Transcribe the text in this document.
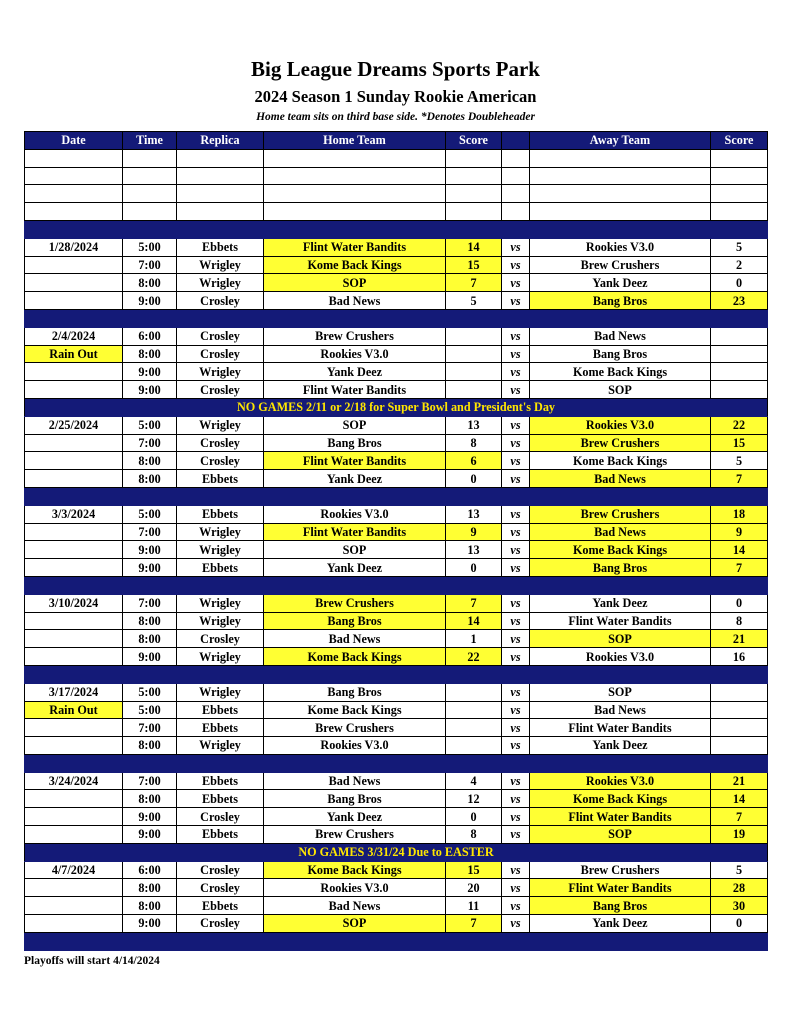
Big League Dreams Sports Park
2024 Season 1 Sunday Rookie American
Home team sits on third base side. *Denotes Doubleheader
Date	Time	Replica	Home Team	Score		Away Team	Score

1/28/2024	5:00	Ebbets	Flint Water Bandits	14	vs	Rookies V3.0	5
	7:00	Wrigley	Kome Back Kings	15	vs	Brew Crushers	2
	8:00	Wrigley	SOP	7	vs	Yank Deez	0
	9:00	Crosley	Bad News	5	vs	Bang Bros	23

2/4/2024	6:00	Crosley	Brew Crushers		vs	Bad News	
Rain Out	8:00	Crosley	Rookies V3.0		vs	Bang Bros	
	9:00	Wrigley	Yank Deez		vs	Kome Back Kings	
	9:00	Crosley	Flint Water Bandits		vs	SOP	
NO GAMES 2/11 or 2/18 for Super Bowl and President's Day							
2/25/2024	5:00	Wrigley	SOP	13	vs	Rookies V3.0	22
	7:00	Crosley	Bang Bros	8	vs	Brew Crushers	15
	8:00	Crosley	Flint Water Bandits	6	vs	Kome Back Kings	5
	8:00	Ebbets	Yank Deez	0	vs	Bad News	7

3/3/2024	5:00	Ebbets	Rookies V3.0	13	vs	Brew Crushers	18
	7:00	Wrigley	Flint Water Bandits	9	vs	Bad News	9
	9:00	Wrigley	SOP	13	vs	Kome Back Kings	14
	9:00	Ebbets	Yank Deez	0	vs	Bang Bros	7

3/10/2024	7:00	Wrigley	Brew Crushers	7	vs	Yank Deez	0
	8:00	Wrigley	Bang Bros	14	vs	Flint Water Bandits	8
	8:00	Crosley	Bad News	1	vs	SOP	21
	9:00	Wrigley	Kome Back Kings	22	vs	Rookies V3.0	16

3/17/2024	5:00	Wrigley	Bang Bros		vs	SOP	
Rain Out	5:00	Ebbets	Kome Back Kings		vs	Bad News	
	7:00	Ebbets	Brew Crushers		vs	Flint Water Bandits	
	8:00	Wrigley	Rookies V3.0		vs	Yank Deez	

3/24/2024	7:00	Ebbets	Bad News	4	vs	Rookies V3.0	21
	8:00	Ebbets	Bang Bros	12	vs	Kome Back Kings	14
	9:00	Crosley	Yank Deez	0	vs	Flint Water Bandits	7
	9:00	Ebbets	Brew Crushers	8	vs	SOP	19
NO GAMES 3/31/24 Due to EASTER							
4/7/2024	6:00	Crosley	Kome Back Kings	15	vs	Brew Crushers	5
	8:00	Crosley	Rookies V3.0	20	vs	Flint Water Bandits	28
	8:00	Ebbets	Bad News	11	vs	Bang Bros	30
	9:00	Crosley	SOP	7	vs	Yank Deez	0

Playoffs will start 4/14/2024
